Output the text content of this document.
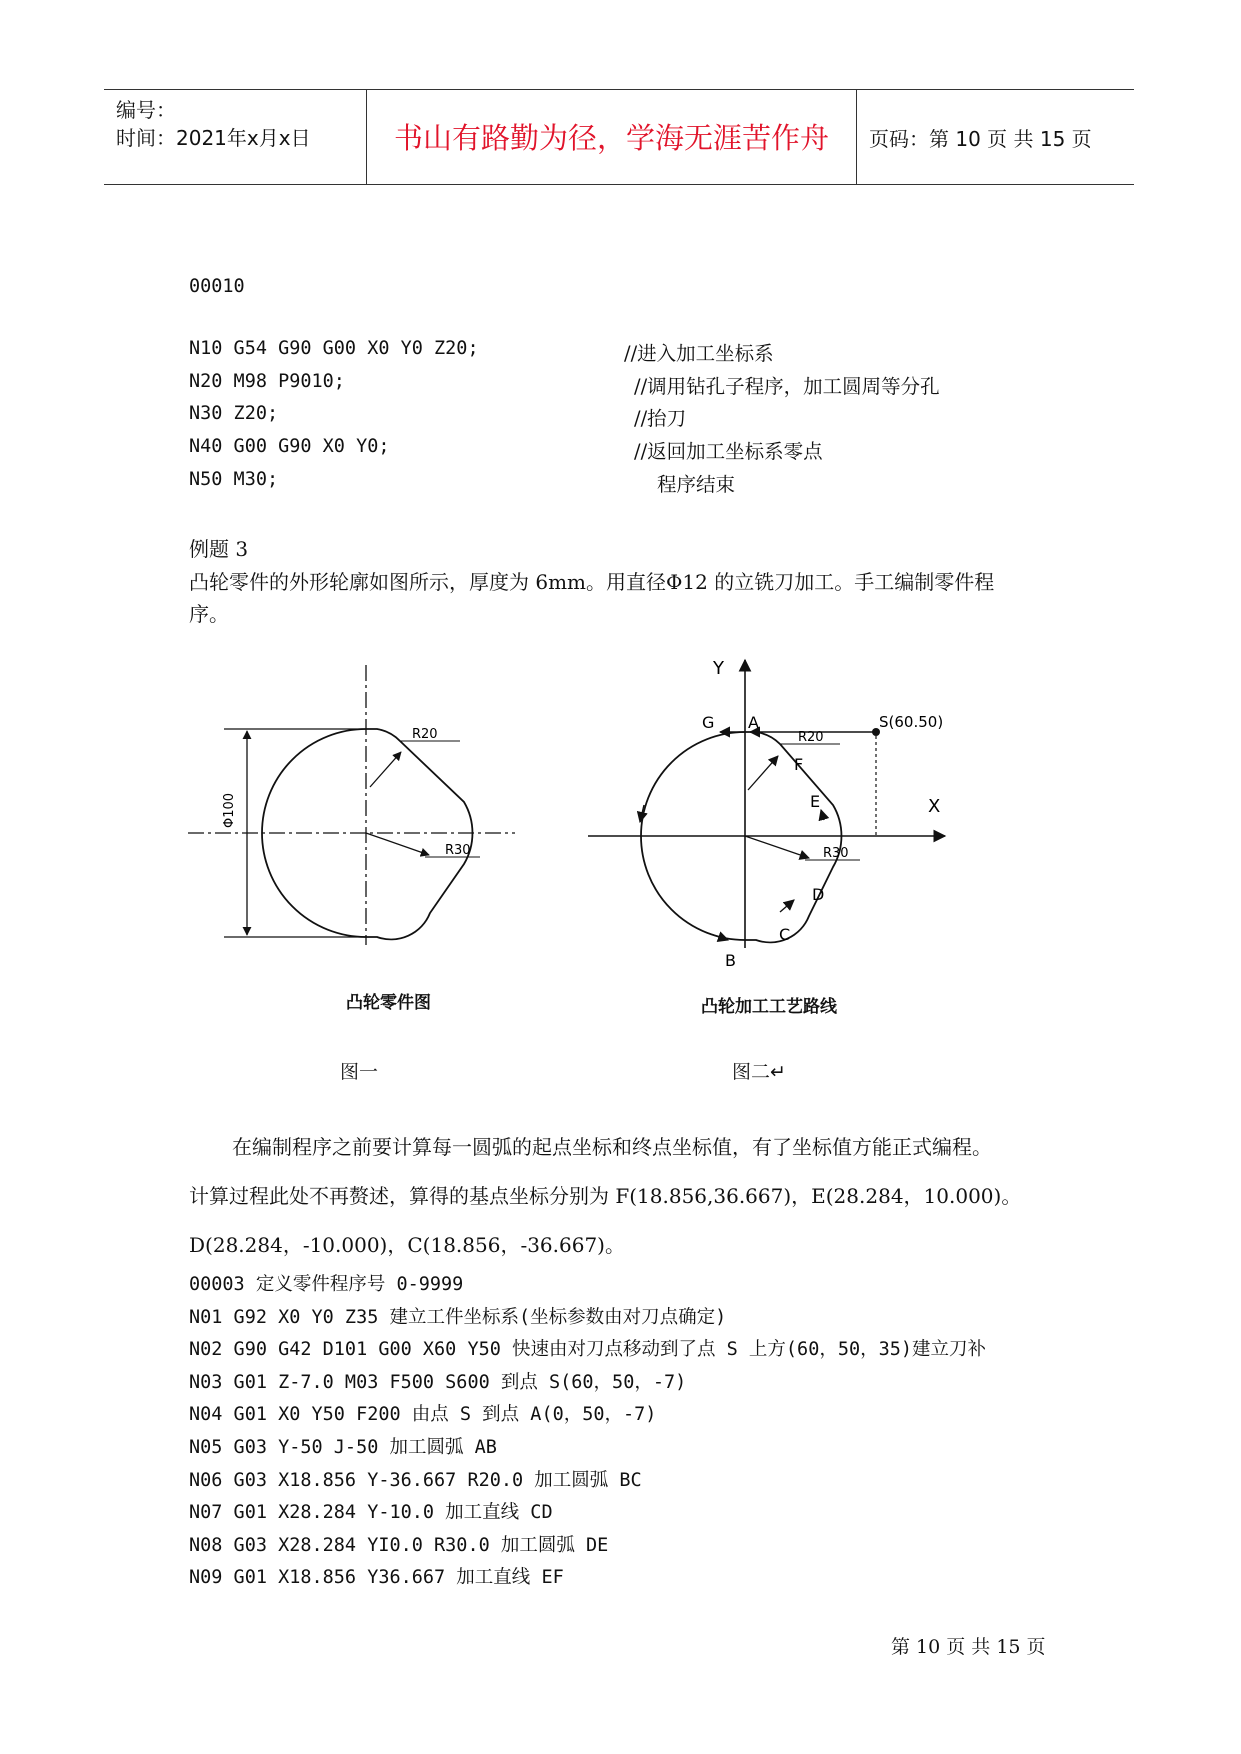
编号：
时间：2021年x月x日	书山有路勤为径，学海无涯苦作舟	页码：第 10 页 共 15 页
00010
N10 G54 G90 G00 X0 Y0 Z20;	//进入加工坐标系
N20 M98 P9010;	//调用钻孔子程序，加工圆周等分孔
N30 Z20;	//抬刀
N40 G00 G90 X0 Y0;	//返回加工坐标系零点
N50 M30;	程序结束
例题 3
凸轮零件的外形轮廓如图所示，厚度为 6mm。用直径Φ12 的立铣刀加工。手工编制零件程
序。
Φ100
R20
R30
凸轮零件图
图一
Y
X
S(60.50)
R20
R30
A
G
F
E
D
C
B
凸轮加工工艺路线
图二↵
在编制程序之前要计算每一圆弧的起点坐标和终点坐标值，有了坐标值方能正式编程。
计算过程此处不再赘述，算得的基点坐标分别为 F(18.856,36.667)，E(28.284，10.000)。
D(28.284，-10.000)，C(18.856，-36.667)。
00003 定义零件程序号 0-9999
N01 G92 X0 Y0 Z35 建立工件坐标系(坐标参数由对刀点确定)
N02 G90 G42 D101 G00 X60 Y50 快速由对刀点移动到了点 S 上方(60，50，35)建立刀补
N03 G01 Z-7.0 M03 F500 S600 到点 S(60，50，-7)
N04 G01 X0 Y50 F200 由点 S 到点 A(0，50，-7)
N05 G03 Y-50 J-50 加工圆弧 AB
N06 G03 X18.856 Y-36.667 R20.0 加工圆弧 BC
N07 G01 X28.284 Y-10.0 加工直线 CD
N08 G03 X28.284 YI0.0 R30.0 加工圆弧 DE
N09 G01 X18.856 Y36.667 加工直线 EF
第 10 页 共 15 页
